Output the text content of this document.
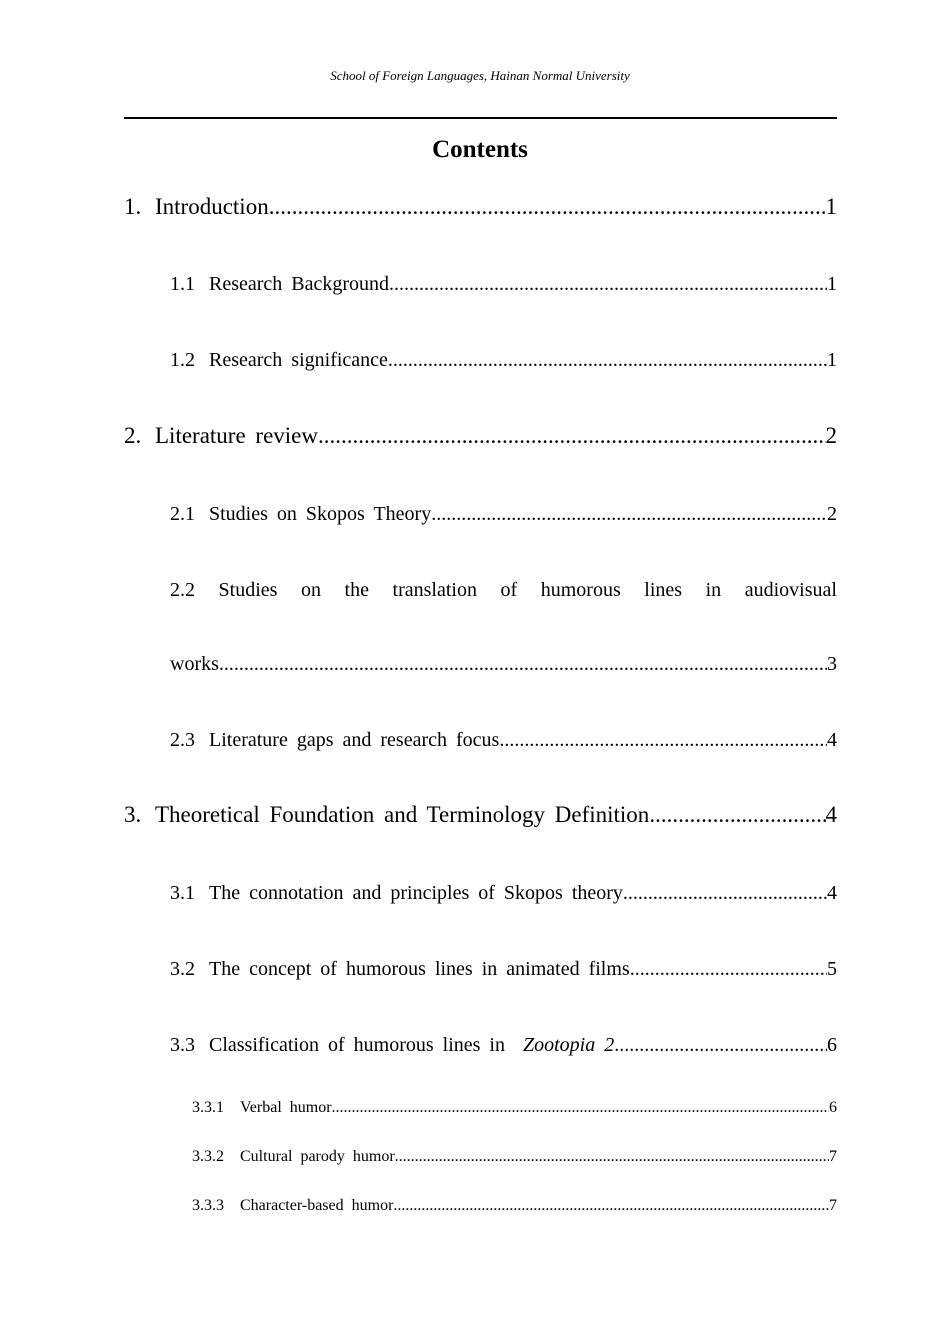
School of Foreign Languages, Hainan Normal University
Contents
1. Introduction .....	1
1.1 Research Background .....	1
1.2 Research significance .....	1
2. Literature review .....	2
2.1 Studies on Skopos Theory .....	2
2.2 Studies on the translation of humorous lines in audiovisual
works .....	3
2.3 Literature gaps and research focus .....	4
3. Theoretical Foundation and Terminology Definition .....	4
3.1 The connotation and principles of Skopos theory .....	4
3.2 The concept of humorous lines in animated films .....	5
3.3 Classification of humorous lines in Zootopia 2 .....	6
3.3.1	Verbal humor .....	6
3.3.2	Cultural parody humor .....	7
3.3.3	Character-based humor .....	7
